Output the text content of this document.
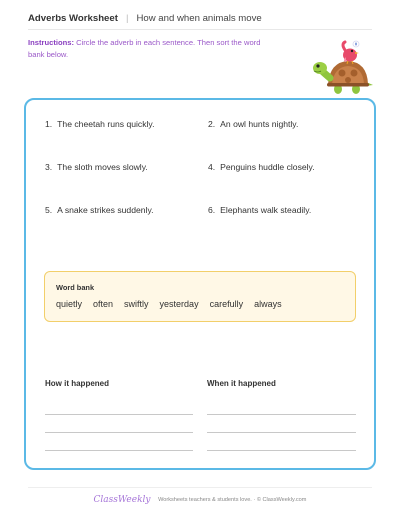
Adverbs Worksheet | How and when animals move
Instructions: Circle the adverb in each sentence. Then sort the word bank below.
1. The cheetah runs quickly.	2. An owl hunts nightly.
3. The sloth moves slowly.	4. Penguins huddle closely.
5. A snake strikes suddenly.	6. Elephants walk steadily.
Word bank
quietly often swiftly yesterday carefully always
How it happened	When it happened
ClassWeekly Worksheets teachers & students love. · © ClassWeekly.com
